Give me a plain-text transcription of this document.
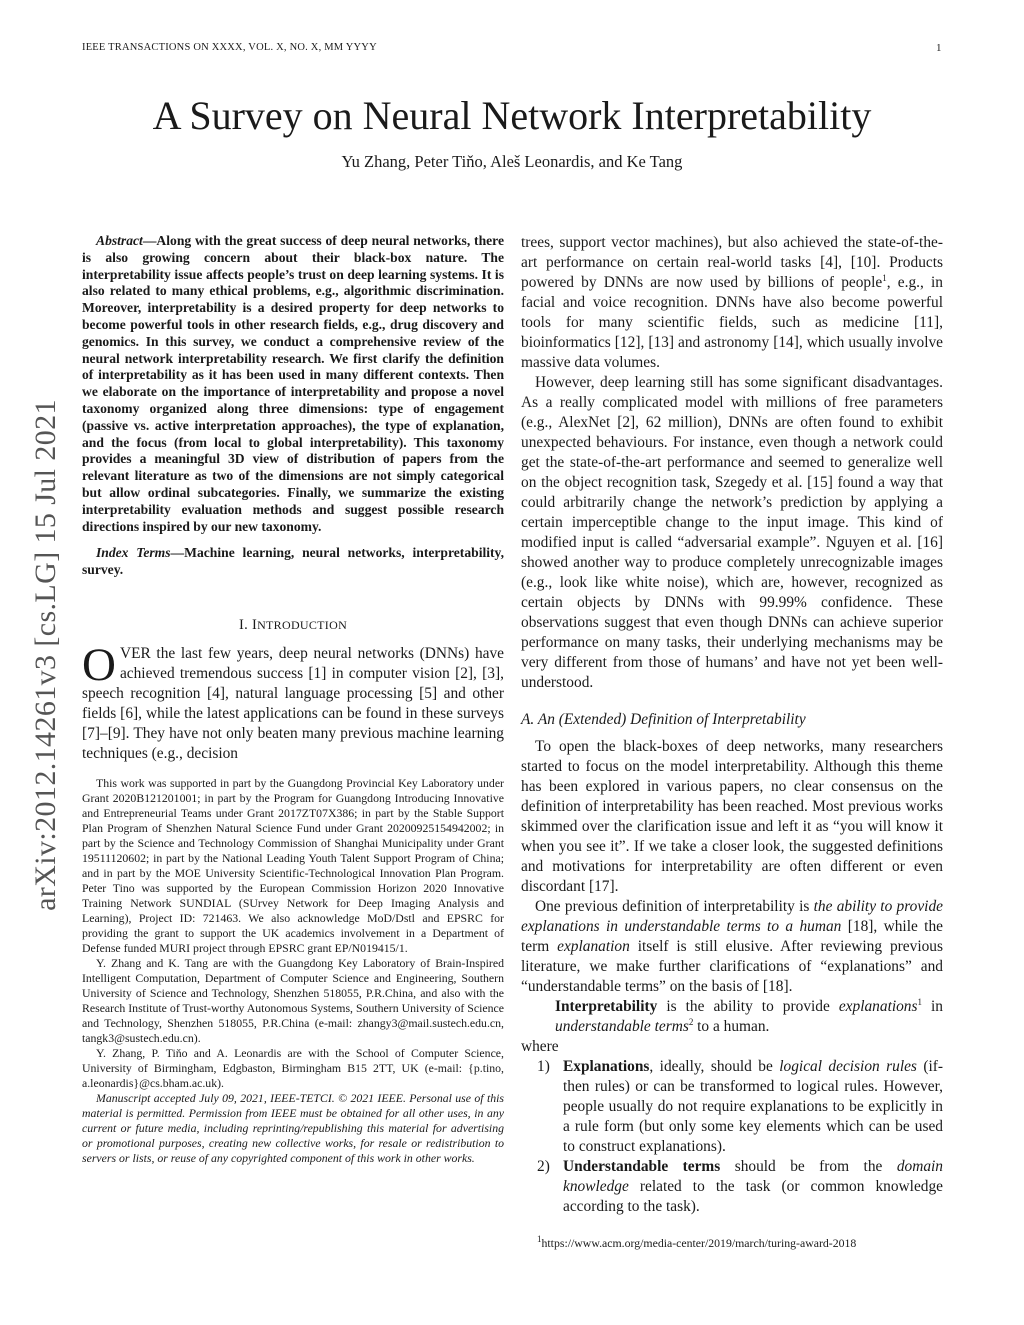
IEEE TRANSACTIONS ON XXXX, VOL. X, NO. X, MM YYYY	1
A Survey on Neural Network Interpretability
Yu Zhang, Peter Tiňo, Aleš Leonardis, and Ke Tang
arXiv:2012.14261v3 [cs.LG] 15 Jul 2021
Abstract—Along with the great success of deep neural networks, there is also growing concern about their black-box nature. The interpretability issue affects people’s trust on deep learning systems. It is also related to many ethical problems, e.g., algorithmic discrimination. Moreover, interpretability is a desired property for deep networks to become powerful tools in other research fields, e.g., drug discovery and genomics. In this survey, we conduct a comprehensive review of the neural network interpretability research. We first clarify the definition of interpretability as it has been used in many different contexts. Then we elaborate on the importance of interpretability and propose a novel taxonomy organized along three dimensions: type of engagement (passive vs. active interpretation approaches), the type of explanation, and the focus (from local to global interpretability). This taxonomy provides a meaningful 3D view of distribution of papers from the relevant literature as two of the dimensions are not simply categorical but allow ordinal subcategories. Finally, we summarize the existing interpretability evaluation methods and suggest possible research directions inspired by our new taxonomy.
Index Terms—Machine learning, neural networks, interpretability, survey.
I. INTRODUCTION
OVER the last few years, deep neural networks (DNNs) have achieved tremendous success [1] in computer vision [2], [3], speech recognition [4], natural language processing [5] and other fields [6], while the latest applications can be found in these surveys [7]–[9]. They have not only beaten many previous machine learning techniques (e.g., decision

This work was supported in part by the Guangdong Provincial Key Laboratory under Grant 2020B121201001; in part by the Program for Guangdong Introducing Innovative and Entrepreneurial Teams under Grant 2017ZT07X386; in part by the Stable Support Plan Program of Shenzhen Natural Science Fund under Grant 20200925154942002; in part by the Science and Technology Commission of Shanghai Municipality under Grant 19511120602; in part by the National Leading Youth Talent Support Program of China; and in part by the MOE University Scientific-Technological Innovation Plan Program. Peter Tino was supported by the European Commission Horizon 2020 Innovative Training Network SUNDIAL (SUrvey Network for Deep Imaging Analysis and Learning), Project ID: 721463. We also acknowledge MoD/Dstl and EPSRC for providing the grant to support the UK academics involvement in a Department of Defense funded MURI project through EPSRC grant EP/N019415/1.

Y. Zhang and K. Tang are with the Guangdong Key Laboratory of Brain-Inspired Intelligent Computation, Department of Computer Science and Engineering, Southern University of Science and Technology, Shenzhen 518055, P.R.China, and also with the Research Institute of Trust-worthy Autonomous Systems, Southern University of Science and Technology, Shenzhen 518055, P.R.China (e-mail: zhangy3@mail.sustech.edu.cn, tangk3@sustech.edu.cn).

Y. Zhang, P. Tiňo and A. Leonardis are with the School of Computer Science, University of Birmingham, Edgbaston, Birmingham B15 2TT, UK (e-mail: {p.tino, a.leonardis}@cs.bham.ac.uk).

Manuscript accepted July 09, 2021, IEEE-TETCI. © 2021 IEEE. Personal use of this material is permitted. Permission from IEEE must be obtained for all other uses, in any current or future media, including reprinting/republishing this material for advertising or promotional purposes, creating new collective works, for resale or redistribution to servers or lists, or reuse of any copyrighted component of this work in other works.

trees, support vector machines), but also achieved the state-of-the-art performance on certain real-world tasks [4], [10]. Products powered by DNNs are now used by billions of people$^1$, e.g., in facial and voice recognition. DNNs have also become powerful tools for many scientific fields, such as medicine [11], bioinformatics [12], [13] and astronomy [14], which usually involve massive data volumes.
However, deep learning still has some significant disadvantages. As a really complicated model with millions of free parameters (e.g., AlexNet [2], 62 million), DNNs are often found to exhibit unexpected behaviours. For instance, even though a network could get the state-of-the-art performance and seemed to generalize well on the object recognition task, Szegedy et al. [15] found a way that could arbitrarily change the network’s prediction by applying a certain imperceptible change to the input image. This kind of modified input is called “adversarial example”. Nguyen et al. [16] showed another way to produce completely unrecognizable images (e.g., look like white noise), which are, however, recognized as certain objects by DNNs with 99.99% confidence. These observations suggest that even though DNNs can achieve superior performance on many tasks, their underlying mechanisms may be very different from those of humans’ and have not yet been well-understood.
A. An (Extended) Definition of Interpretability
To open the black-boxes of deep networks, many researchers started to focus on the model interpretability. Although this theme has been explored in various papers, no clear consensus on the definition of interpretability has been reached. Most previous works skimmed over the clarification issue and left it as “you will know it when you see it”. If we take a closer look, the suggested definitions and motivations for interpretability are often different or even discordant [17].
One previous definition of interpretability is the ability to provide explanations in understandable terms to a human [18], while the term explanation itself is still elusive. After reviewing previous literature, we make further clarifications of “explanations” and “understandable terms” on the basis of [18].
Interpretability is the ability to provide explanations$^1$ in understandable terms$^2$ to a human.
where
1) Explanations, ideally, should be logical decision rules (if-then rules) or can be transformed to logical rules. However, people usually do not require explanations to be explicitly in a rule form (but only some key elements which can be used to construct explanations).
2) Understandable terms should be from the domain knowledge related to the task (or common knowledge according to the task).
$^1$https://www.acm.org/media-center/2019/march/turing-award-2018
